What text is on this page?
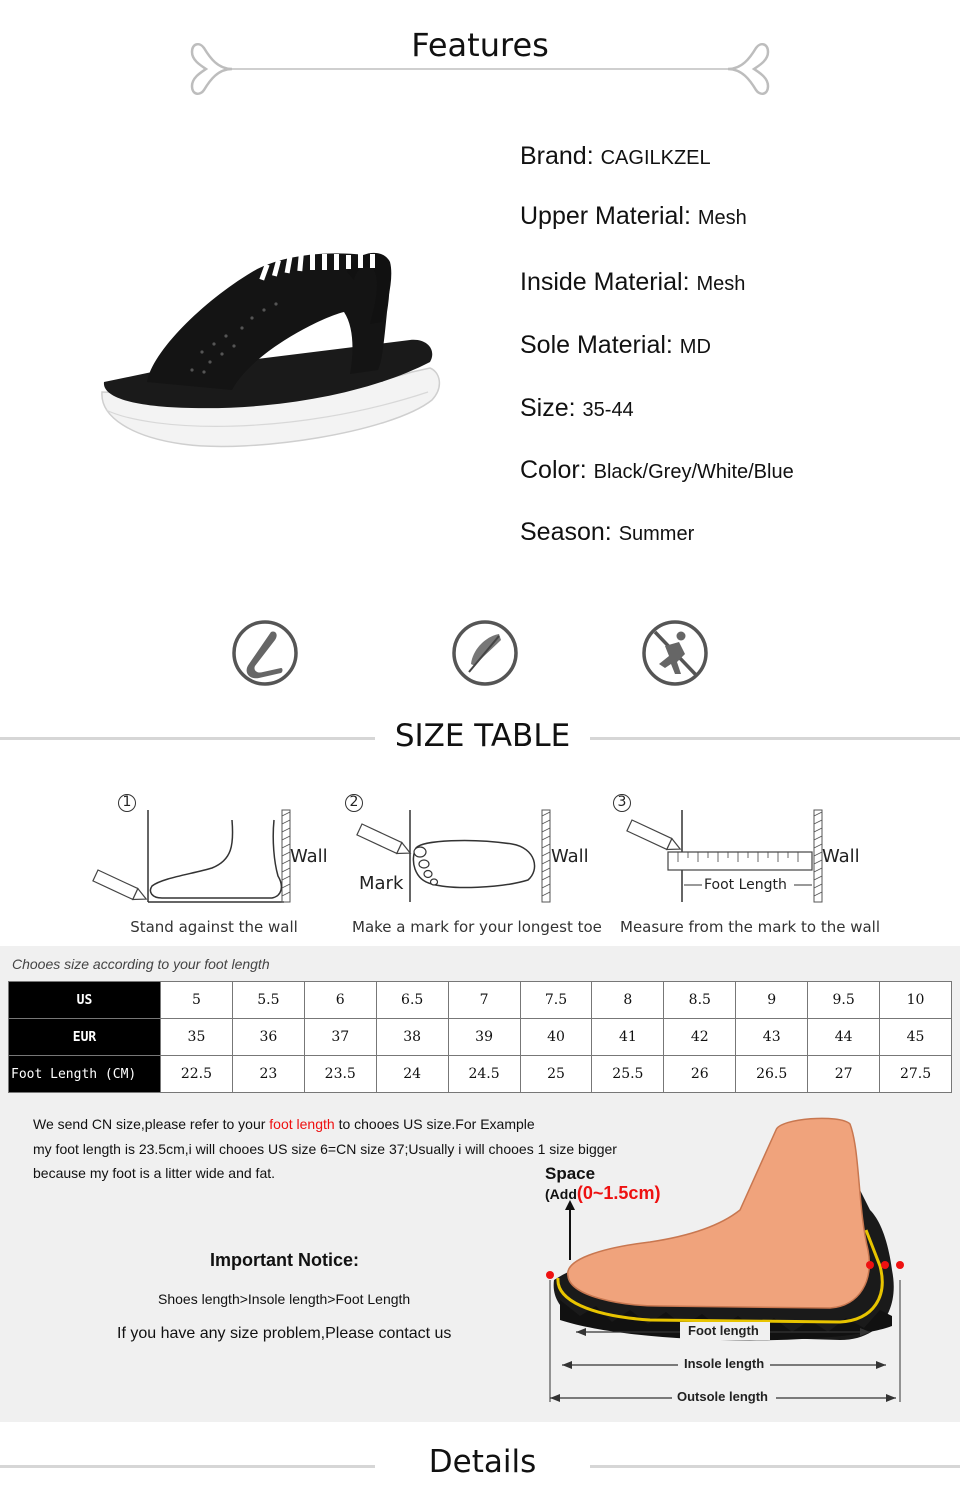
Features
Brand: CAGILKZEL
Upper Material: Mesh
Inside Material: Mesh
Sole Material: MD
Size: 35-44
Color: Black/Grey/White/Blue
Season: Summer
SIZE TABLE
1	2	3
Stand against the wall
Wall
Make a mark for your longest toe
Mark
Wall
Measure from the mark to the wall
Foot Length
Wall
Chooes size according to your foot length
US	5	5.5	6	6.5	7	7.5	8	8.5	9	9.5	10
EUR	35	36	37	38	39	40	41	42	43	44	45
Foot Length (CM)	22.5	23	23.5	24	24.5	25	25.5	26	26.5	27	27.5
We send CN size,please refer to your foot length to chooes US size.For Example
my foot length is 23.5cm,i will chooes US size 6=CN size 37;Usually i will chooes 1 size bigger
because my foot is a litter wide and fat.
Important Notice:
Shoes length>Insole length>Foot Length
If you have any size problem,Please contact us
Space
(Add(0~1.5cm)
Foot length
Insole length
Outsole length
Details
